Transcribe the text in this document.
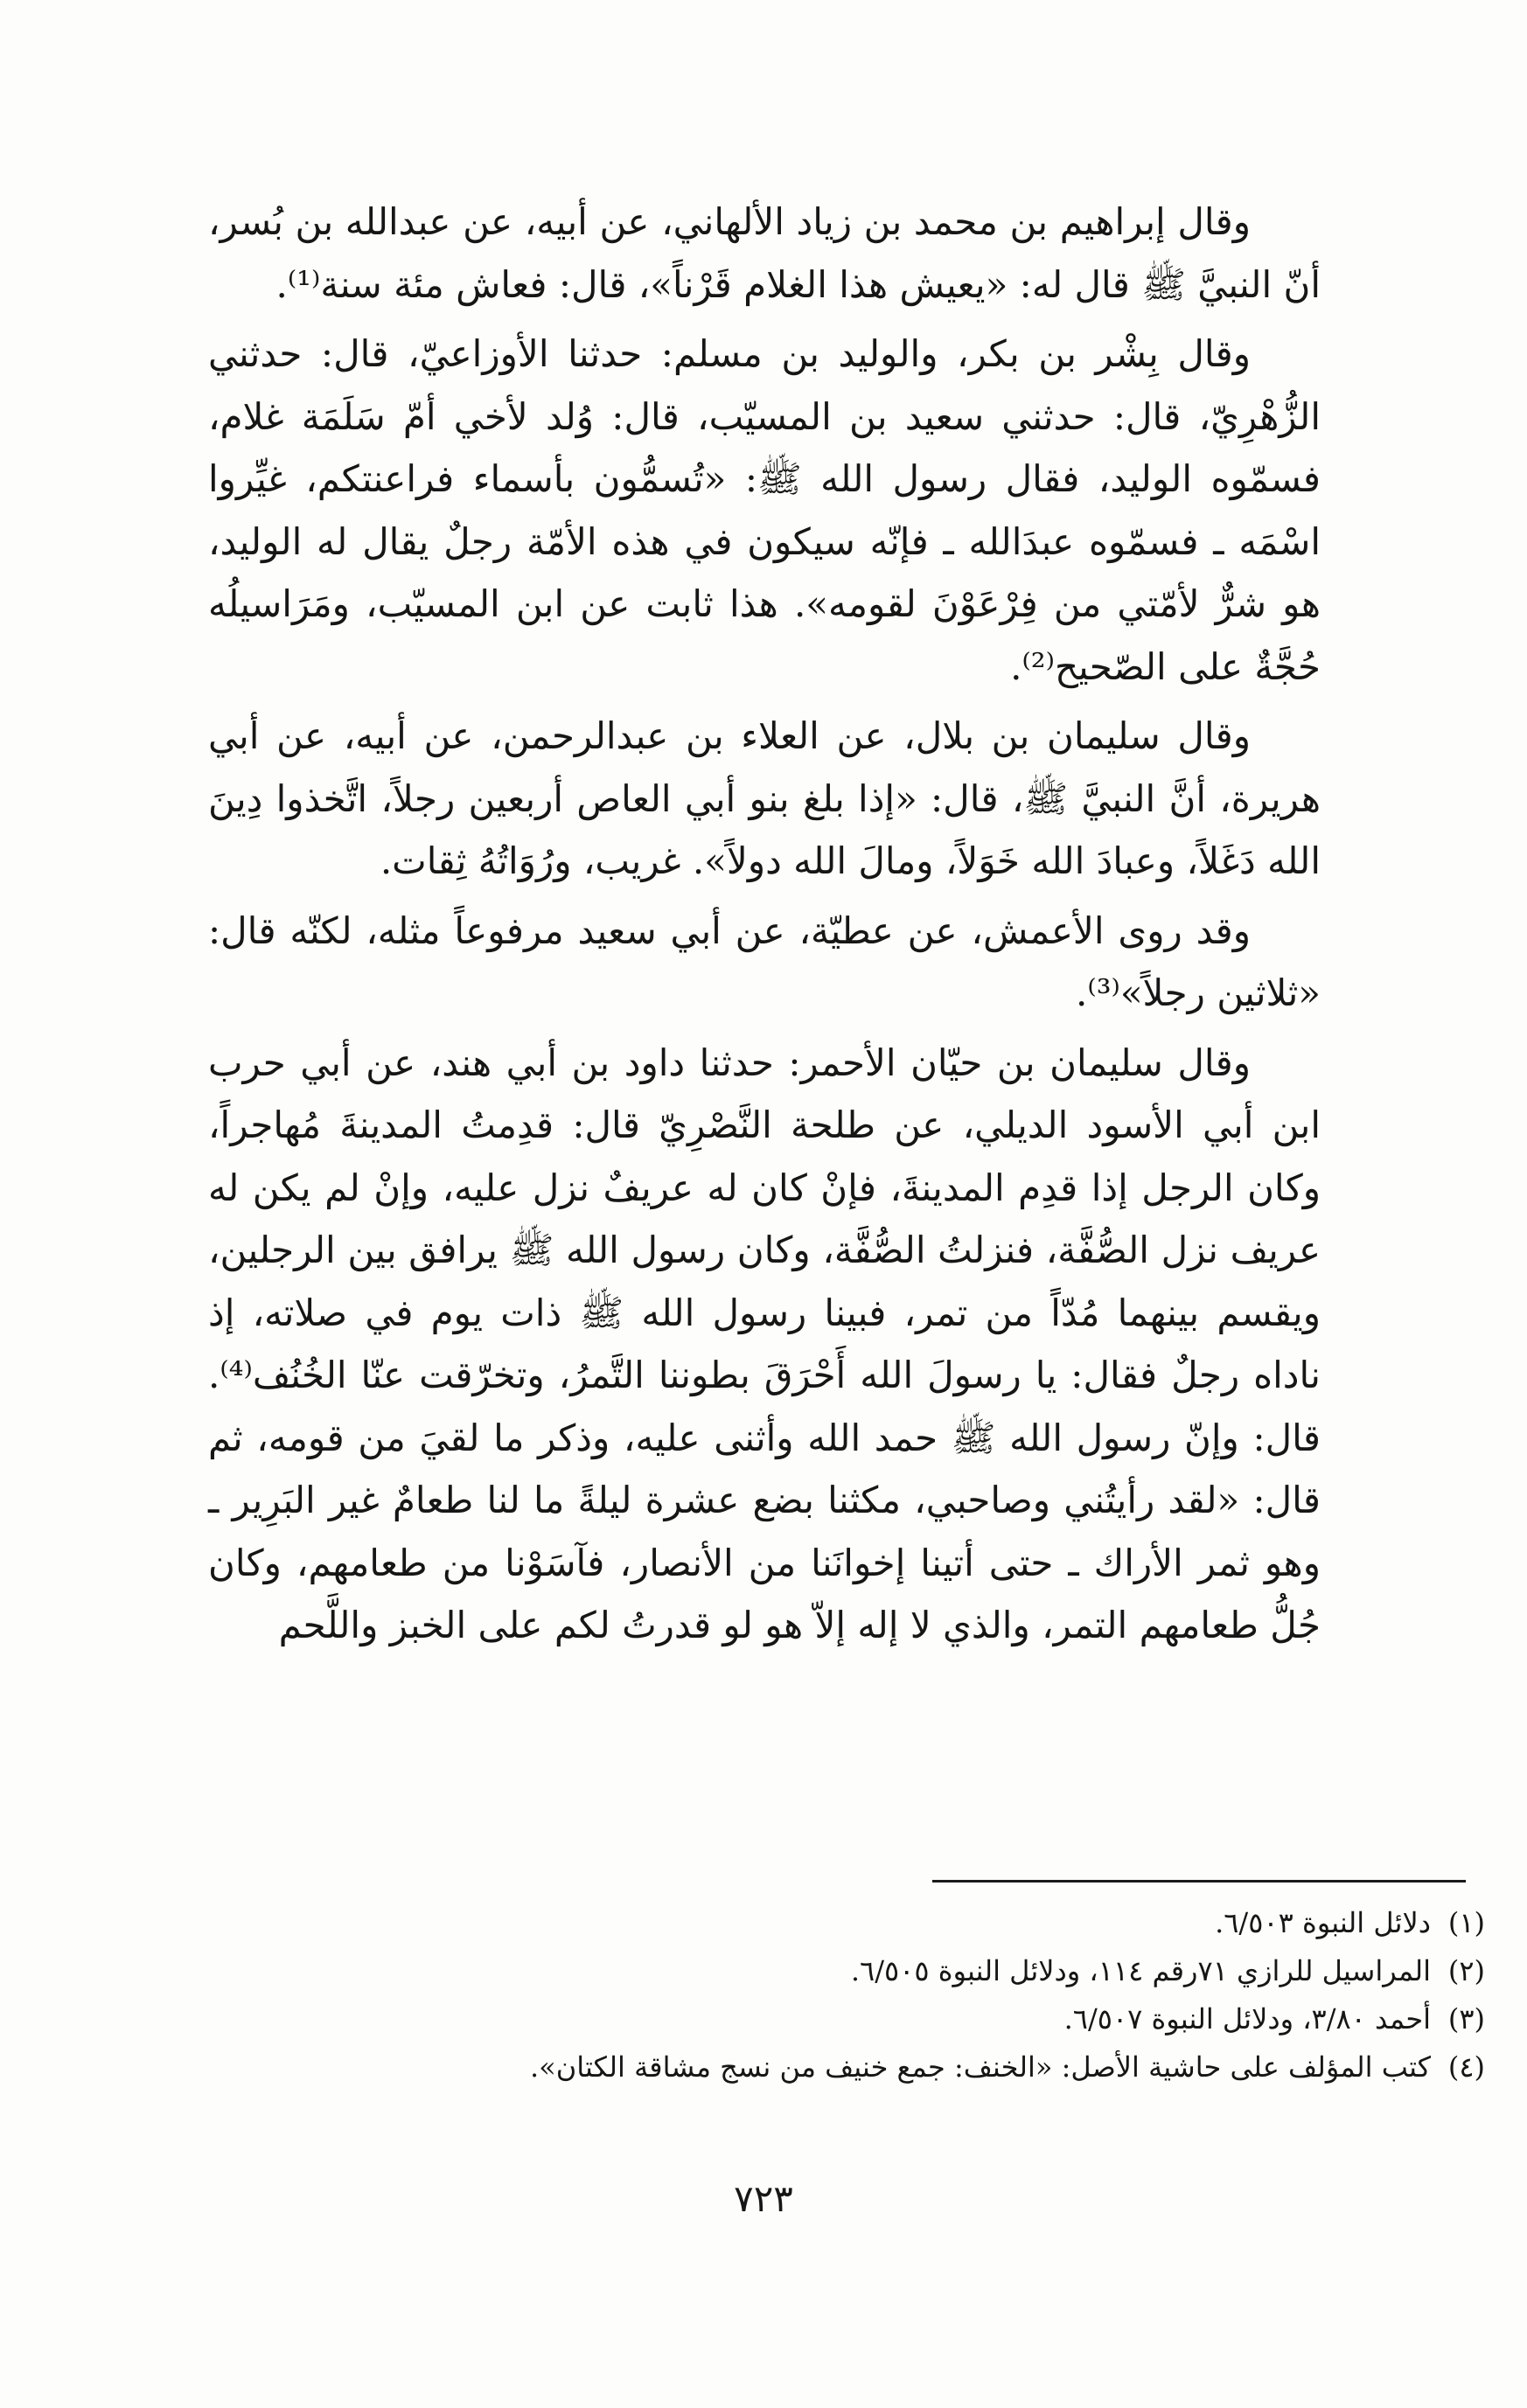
وقال إبراهيم بن محمد بن زياد الألهاني، عن أبيه، عن عبدالله بن بُسر، أنّ النبيَّ ﷺ قال له: «يعيش هذا الغلام قَرْناً»، قال: فعاش مئة سنة⁽¹⁾.

وقال بِشْر بن بكر، والوليد بن مسلم: حدثنا الأوزاعيّ، قال: حدثني الزُّهْرِيّ، قال: حدثني سعيد بن المسيّب، قال: وُلد لأخي أمّ سَلَمَة غلام، فسمّوه الوليد، فقال رسول الله ﷺ: «تُسمُّون بأسماء فراعنتكم، غيِّروا اسْمَه ـ فسمّوه عبدَالله ـ فإنّه سيكون في هذه الأمّة رجلٌ يقال له الوليد، هو شرٌّ لأمّتي من فِرْعَوْنَ لقومه». هذا ثابت عن ابن المسيّب، ومَرَاسيلُه حُجَّةٌ على الصّحيح⁽²⁾.

وقال سليمان بن بلال، عن العلاء بن عبدالرحمن، عن أبيه، عن أبي هريرة، أنَّ النبيَّ ﷺ، قال: «إذا بلغ بنو أبي العاص أربعين رجلاً، اتَّخذوا دِينَ الله دَغَلاً، وعبادَ الله خَوَلاً، ومالَ الله دولاً». غريب، ورُوَاتُهُ ثِقات.

وقد روى الأعمش، عن عطيّة، عن أبي سعيد مرفوعاً مثله، لكنّه قال: «ثلاثين رجلاً»⁽³⁾.

وقال سليمان بن حيّان الأحمر: حدثنا داود بن أبي هند، عن أبي حرب ابن أبي الأسود الديلي، عن طلحة النَّصْرِيّ قال: قدِمتُ المدينةَ مُهاجراً، وكان الرجل إذا قدِم المدينةَ، فإنْ كان له عريفٌ نزل عليه، وإنْ لم يكن له عريف نزل الصُّفَّة، فنزلتُ الصُّفَّة، وكان رسول الله ﷺ يرافق بين الرجلين، ويقسم بينهما مُدّاً من تمر، فبينا رسول الله ﷺ ذات يوم في صلاته، إذ ناداه رجلٌ فقال: يا رسولَ الله أَحْرَقَ بطوننا التَّمرُ، وتخرّقت عنّا الخُنُف⁽⁴⁾. قال: وإنّ رسول الله ﷺ حمد الله وأثنى عليه، وذكر ما لقيَ من قومه، ثم قال: «لقد رأيتُني وصاحبي، مكثنا بضع عشرة ليلةً ما لنا طعامٌ غير البَرِير ـ وهو ثمر الأراك ـ حتى أتينا إخوانَنا من الأنصار، فآسَوْنا من طعامهم، وكان جُلُّ طعامهم التمر، والذي لا إله إلاّ هو لو قدرتُ لكم على الخبز واللَّحم

(١)
دلائل النبوة ٦/٥٠٣.
(٢)
المراسيل للرازي ٧١رقم ١١٤، ودلائل النبوة ٦/٥٠٥.
(٣)
أحمد ٣/٨٠، ودلائل النبوة ٦/٥٠٧.
(٤)
كتب المؤلف على حاشية الأصل: «الخنف: جمع خنيف من نسج مشاقة الكتان».
٧٢٣
